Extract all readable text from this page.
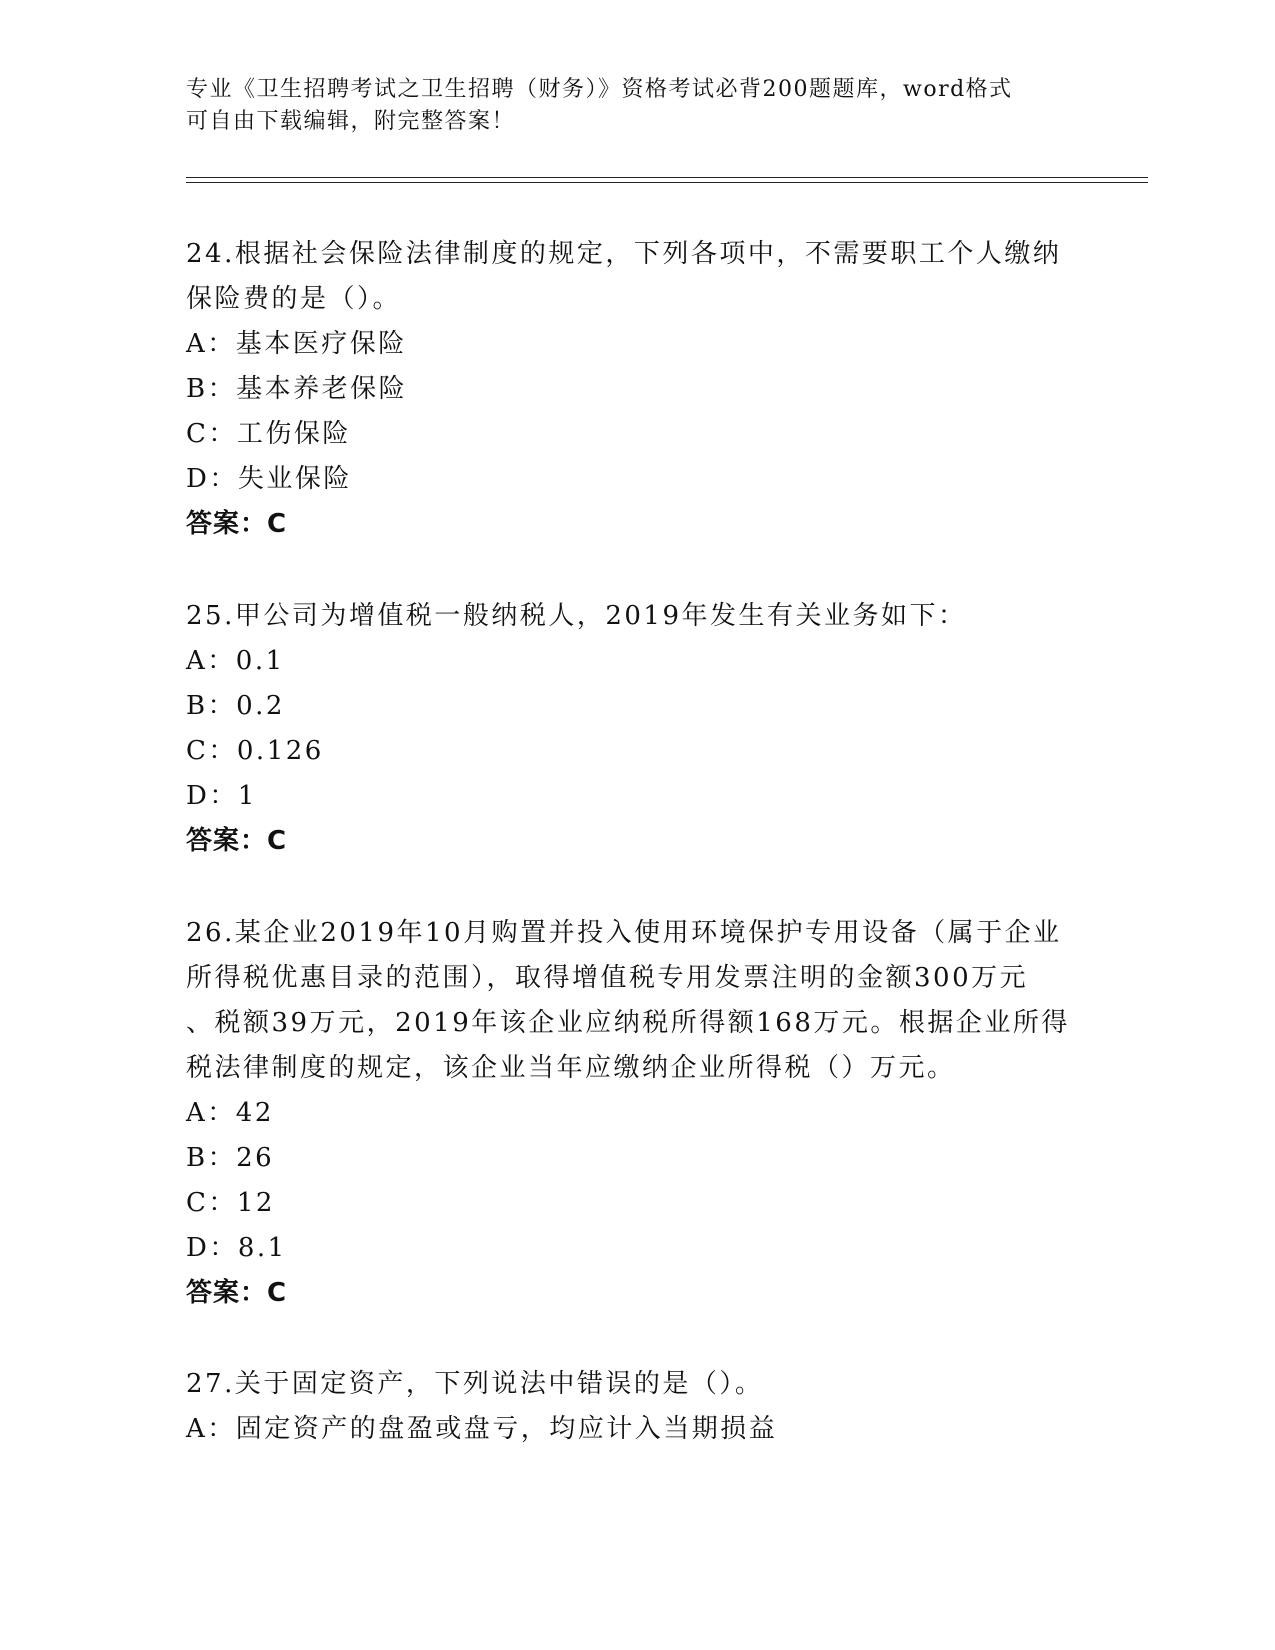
专业《卫生招聘考试之卫生招聘（财务）》资格考试必背200题题库，word格式
可自由下载编辑，附完整答案！

24.根据社会保险法律制度的规定，下列各项中，不需要职工个人缴纳

保险费的是（）。

A：基本医疗保险

B：基本养老保险

C：工伤保险

D：失业保险

答案：C

25.甲公司为增值税一般纳税人，2019年发生有关业务如下：

A：0.1

B：0.2

C：0.126

D：1

答案：C

26.某企业2019年10月购置并投入使用环境保护专用设备（属于企业

所得税优惠目录的范围），取得增值税专用发票注明的金额300万元

、税额39万元，2019年该企业应纳税所得额168万元。根据企业所得

税法律制度的规定，该企业当年应缴纳企业所得税（）万元。

A：42

B：26

C：12

D：8.1

答案：C

27.关于固定资产，下列说法中错误的是（）。

A：固定资产的盘盈或盘亏，均应计入当期损益
